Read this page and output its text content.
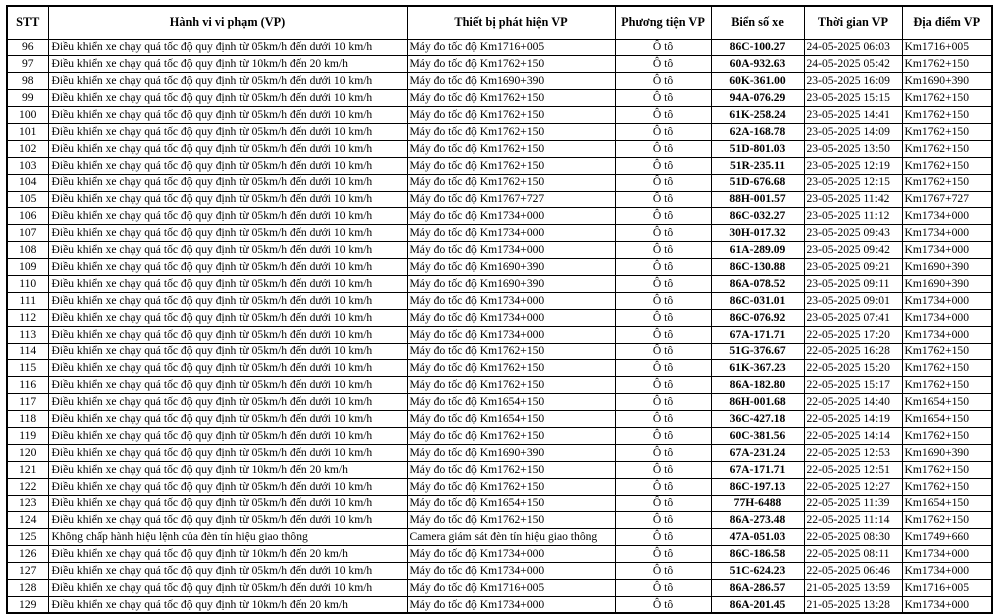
STT	Hành vi vi phạm (VP)	Thiết bị phát hiện VP	Phương tiện VP	Biển số xe	Thời gian VP	Địa điểm VP
96	Điều khiển xe chạy quá tốc độ quy định từ 05km/h đến dưới 10 km/h	Máy đo tốc độ Km1716+005	Ô tô	86C-100.27	24-05-2025 06:03	Km1716+005
97	Điều khiển xe chạy quá tốc độ quy định từ 10km/h đến 20 km/h	Máy đo tốc độ Km1762+150	Ô tô	60A-932.63	24-05-2025 05:42	Km1762+150
98	Điều khiển xe chạy quá tốc độ quy định từ 05km/h đến dưới 10 km/h	Máy đo tốc độ Km1690+390	Ô tô	60K-361.00	23-05-2025 16:09	Km1690+390
99	Điều khiển xe chạy quá tốc độ quy định từ 05km/h đến dưới 10 km/h	Máy đo tốc độ Km1762+150	Ô tô	94A-076.29	23-05-2025 15:15	Km1762+150
100	Điều khiển xe chạy quá tốc độ quy định từ 05km/h đến dưới 10 km/h	Máy đo tốc độ Km1762+150	Ô tô	61K-258.24	23-05-2025 14:41	Km1762+150
101	Điều khiển xe chạy quá tốc độ quy định từ 05km/h đến dưới 10 km/h	Máy đo tốc độ Km1762+150	Ô tô	62A-168.78	23-05-2025 14:09	Km1762+150
102	Điều khiển xe chạy quá tốc độ quy định từ 05km/h đến dưới 10 km/h	Máy đo tốc độ Km1762+150	Ô tô	51D-801.03	23-05-2025 13:50	Km1762+150
103	Điều khiển xe chạy quá tốc độ quy định từ 05km/h đến dưới 10 km/h	Máy đo tốc độ Km1762+150	Ô tô	51R-235.11	23-05-2025 12:19	Km1762+150
104	Điều khiển xe chạy quá tốc độ quy định từ 05km/h đến dưới 10 km/h	Máy đo tốc độ Km1762+150	Ô tô	51D-676.68	23-05-2025 12:15	Km1762+150
105	Điều khiển xe chạy quá tốc độ quy định từ 05km/h đến dưới 10 km/h	Máy đo tốc độ Km1767+727	Ô tô	88H-001.57	23-05-2025 11:42	Km1767+727
106	Điều khiển xe chạy quá tốc độ quy định từ 05km/h đến dưới 10 km/h	Máy đo tốc độ Km1734+000	Ô tô	86C-032.27	23-05-2025 11:12	Km1734+000
107	Điều khiển xe chạy quá tốc độ quy định từ 05km/h đến dưới 10 km/h	Máy đo tốc độ Km1734+000	Ô tô	30H-017.32	23-05-2025 09:43	Km1734+000
108	Điều khiển xe chạy quá tốc độ quy định từ 05km/h đến dưới 10 km/h	Máy đo tốc độ Km1734+000	Ô tô	61A-289.09	23-05-2025 09:42	Km1734+000
109	Điều khiển xe chạy quá tốc độ quy định từ 05km/h đến dưới 10 km/h	Máy đo tốc độ Km1690+390	Ô tô	86C-130.88	23-05-2025 09:21	Km1690+390
110	Điều khiển xe chạy quá tốc độ quy định từ 05km/h đến dưới 10 km/h	Máy đo tốc độ Km1690+390	Ô tô	86A-078.52	23-05-2025 09:11	Km1690+390
111	Điều khiển xe chạy quá tốc độ quy định từ 05km/h đến dưới 10 km/h	Máy đo tốc độ Km1734+000	Ô tô	86C-031.01	23-05-2025 09:01	Km1734+000
112	Điều khiển xe chạy quá tốc độ quy định từ 05km/h đến dưới 10 km/h	Máy đo tốc độ Km1734+000	Ô tô	86C-076.92	23-05-2025 07:41	Km1734+000
113	Điều khiển xe chạy quá tốc độ quy định từ 05km/h đến dưới 10 km/h	Máy đo tốc độ Km1734+000	Ô tô	67A-171.71	22-05-2025 17:20	Km1734+000
114	Điều khiển xe chạy quá tốc độ quy định từ 05km/h đến dưới 10 km/h	Máy đo tốc độ Km1762+150	Ô tô	51G-376.67	22-05-2025 16:28	Km1762+150
115	Điều khiển xe chạy quá tốc độ quy định từ 05km/h đến dưới 10 km/h	Máy đo tốc độ Km1762+150	Ô tô	61K-367.23	22-05-2025 15:20	Km1762+150
116	Điều khiển xe chạy quá tốc độ quy định từ 05km/h đến dưới 10 km/h	Máy đo tốc độ Km1762+150	Ô tô	86A-182.80	22-05-2025 15:17	Km1762+150
117	Điều khiển xe chạy quá tốc độ quy định từ 05km/h đến dưới 10 km/h	Máy đo tốc độ Km1654+150	Ô tô	86H-001.68	22-05-2025 14:40	Km1654+150
118	Điều khiển xe chạy quá tốc độ quy định từ 05km/h đến dưới 10 km/h	Máy đo tốc độ Km1654+150	Ô tô	36C-427.18	22-05-2025 14:19	Km1654+150
119	Điều khiển xe chạy quá tốc độ quy định từ 05km/h đến dưới 10 km/h	Máy đo tốc độ Km1762+150	Ô tô	60C-381.56	22-05-2025 14:14	Km1762+150
120	Điều khiển xe chạy quá tốc độ quy định từ 05km/h đến dưới 10 km/h	Máy đo tốc độ Km1690+390	Ô tô	67A-231.24	22-05-2025 12:53	Km1690+390
121	Điều khiển xe chạy quá tốc độ quy định từ 10km/h đến 20 km/h	Máy đo tốc độ Km1762+150	Ô tô	67A-171.71	22-05-2025 12:51	Km1762+150
122	Điều khiển xe chạy quá tốc độ quy định từ 05km/h đến dưới 10 km/h	Máy đo tốc độ Km1762+150	Ô tô	86C-197.13	22-05-2025 12:27	Km1762+150
123	Điều khiển xe chạy quá tốc độ quy định từ 05km/h đến dưới 10 km/h	Máy đo tốc độ Km1654+150	Ô tô	77H-6488	22-05-2025 11:39	Km1654+150
124	Điều khiển xe chạy quá tốc độ quy định từ 05km/h đến dưới 10 km/h	Máy đo tốc độ Km1762+150	Ô tô	86A-273.48	22-05-2025 11:14	Km1762+150
125	Không chấp hành hiệu lệnh của đèn tín hiệu giao thông	Camera giám sát đèn tín hiệu giao thông	Ô tô	47A-051.03	22-05-2025 08:30	Km1749+660
126	Điều khiển xe chạy quá tốc độ quy định từ 10km/h đến 20 km/h	Máy đo tốc độ Km1734+000	Ô tô	86C-186.58	22-05-2025 08:11	Km1734+000
127	Điều khiển xe chạy quá tốc độ quy định từ 05km/h đến dưới 10 km/h	Máy đo tốc độ Km1734+000	Ô tô	51C-624.23	22-05-2025 06:46	Km1734+000
128	Điều khiển xe chạy quá tốc độ quy định từ 05km/h đến dưới 10 km/h	Máy đo tốc độ Km1716+005	Ô tô	86A-286.57	21-05-2025 13:59	Km1716+005
129	Điều khiển xe chạy quá tốc độ quy định từ 10km/h đến 20 km/h	Máy đo tốc độ Km1734+000	Ô tô	86A-201.45	21-05-2025 13:28	Km1734+000
